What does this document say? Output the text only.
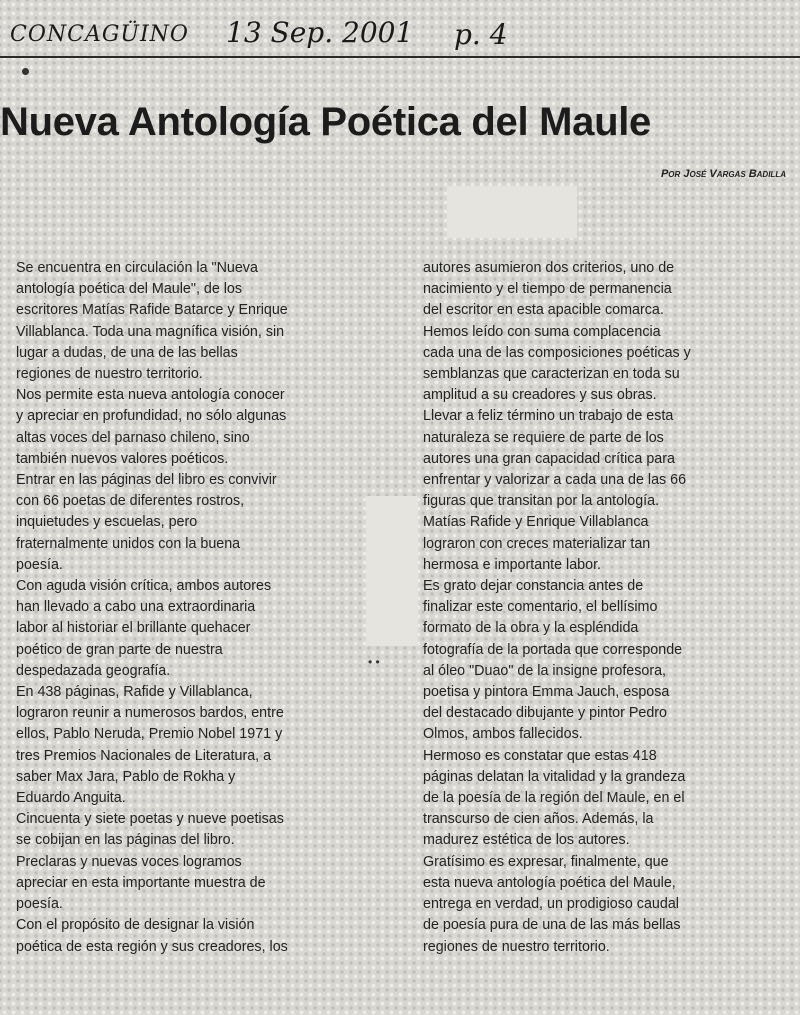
CONCAGÜINO 13 Sep. 2001 p. 4
Nueva Antología Poética del Maule
Por José Vargas Badilla
• •
Se encuentra en circulación la "Nueva
antología poética del Maule", de los
escritores Matías Rafide Batarce y Enrique
Villablanca. Toda una magnífica visión, sin
lugar a dudas, de una de las bellas
regiones de nuestro territorio.
Nos permite esta nueva antología conocer
y apreciar en profundidad, no sólo algunas
altas voces del parnaso chileno, sino
también nuevos valores poéticos.
Entrar en las páginas del libro es convivir
con 66 poetas de diferentes rostros,
inquietudes y escuelas, pero
fraternalmente unidos con la buena
poesía.
Con aguda visión crítica, ambos autores
han llevado a cabo una extraordinaria
labor al historiar el brillante quehacer
poético de gran parte de nuestra
despedazada geografía.
En 438 páginas, Rafide y Villablanca,
lograron reunir a numerosos bardos, entre
ellos, Pablo Neruda, Premio Nobel 1971 y
tres Premios Nacionales de Literatura, a
saber Max Jara, Pablo de Rokha y
Eduardo Anguita.
Cincuenta y siete poetas y nueve poetisas
se cobijan en las páginas del libro.
Preclaras y nuevas voces logramos
apreciar en esta importante muestra de
poesía.
Con el propósito de designar la visión
poética de esta región y sus creadores, los
autores asumieron dos criterios, uno de
nacimiento y el tiempo de permanencia
del escritor en esta apacible comarca.
Hemos leído con suma complacencia
cada una de las composiciones poéticas y
semblanzas que caracterizan en toda su
amplitud a su creadores y sus obras.
Llevar a feliz término un trabajo de esta
naturaleza se requiere de parte de los
autores una gran capacidad crítica para
enfrentar y valorizar a cada una de las 66
figuras que transitan por la antología.
Matías Rafide y Enrique Villablanca
lograron con creces materializar tan
hermosa e importante labor.
Es grato dejar constancia antes de
finalizar este comentario, el bellísimo
formato de la obra y la espléndida
fotografía de la portada que corresponde
al óleo "Duao" de la insigne profesora,
poetisa y pintora Emma Jauch, esposa
del destacado dibujante y pintor Pedro
Olmos, ambos fallecidos.
Hermoso es constatar que estas 418
páginas delatan la vitalidad y la grandeza
de la poesía de la región del Maule, en el
transcurso de cien años. Además, la
madurez estética de los autores.
Gratísimo es expresar, finalmente, que
esta nueva antología poética del Maule,
entrega en verdad, un prodigioso caudal
de poesía pura de una de las más bellas
regiones de nuestro territorio.
